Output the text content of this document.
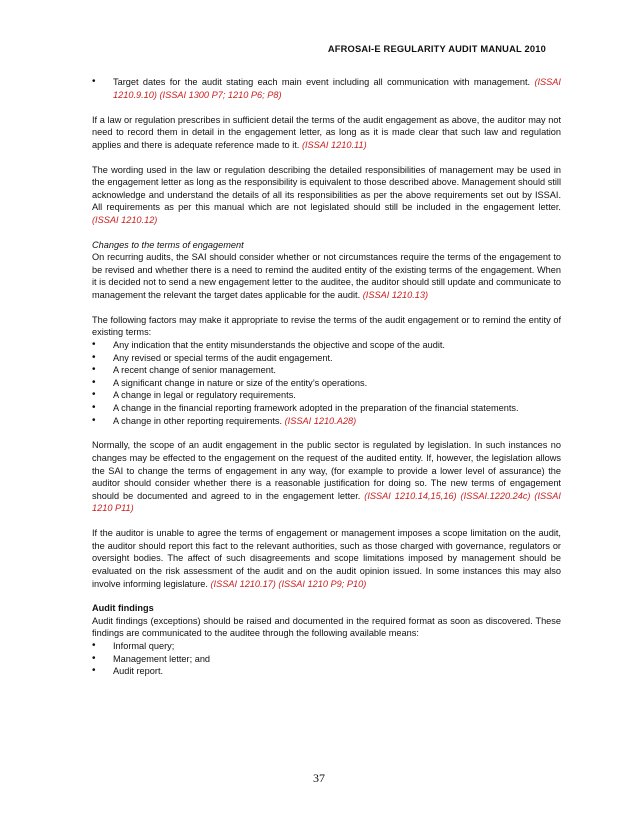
AFROSAI-E REGULARITY AUDIT MANUAL 2010
• Target dates for the audit stating each main event including all communication with management. (ISSAI 1210.9.10) (ISSAI 1300 P7; 1210 P6; P8)

If a law or regulation prescribes in sufficient detail the terms of the audit engagement as above, the auditor may not need to record them in detail in the engagement letter, as long as it is made clear that such law and regulation applies and there is adequate reference made to it. (ISSAI 1210.11)

The wording used in the law or regulation describing the detailed responsibilities of management may be used in the engagement letter as long as the responsibility is equivalent to those described above. Management should still acknowledge and understand the details of all its responsibilities as per the above requirements set out by ISSAI. All requirements as per this manual which are not legislated should still be included in the engagement letter. (ISSAI 1210.12)

Changes to the terms of engagement
On recurring audits, the SAI should consider whether or not circumstances require the terms of the engagement to be revised and whether there is a need to remind the audited entity of the existing terms of the engagement. When it is decided not to send a new engagement letter to the auditee, the auditor should still update and communicate to management the relevant the target dates applicable for the audit. (ISSAI 1210.13)

The following factors may make it appropriate to revise the terms of the audit engagement or to remind the entity of existing terms:

• Any indication that the entity misunderstands the objective and scope of the audit.
• Any revised or special terms of the audit engagement.
• A recent change of senior management.
• A significant change in nature or size of the entity’s operations.
• A change in legal or regulatory requirements.
• A change in the financial reporting framework adopted in the preparation of the financial statements.
• A change in other reporting requirements. (ISSAI 1210.A28)

Normally, the scope of an audit engagement in the public sector is regulated by legislation. In such instances no changes may be effected to the engagement on the request of the audited entity. If, however, the legislation allows the SAI to change the terms of engagement in any way, (for example to provide a lower level of assurance) the auditor should consider whether there is a reasonable justification for doing so. The new terms of engagement should be documented and agreed to in the engagement letter. (ISSAI 1210.14,15,16) (ISSAI.1220.24c) (ISSAI 1210 P11)

If the auditor is unable to agree the terms of engagement or management imposes a scope limitation on the audit, the auditor should report this fact to the relevant authorities, such as those charged with governance, regulators or oversight bodies. The affect of such disagreements and scope limitations imposed by management should be evaluated on the risk assessment of the audit and on the audit opinion issued. In some instances this may also involve informing legislature. (ISSAI 1210.17) (ISSAI 1210 P9; P10)

Audit findings
Audit findings (exceptions) should be raised and documented in the required format as soon as discovered. These findings are communicated to the auditee through the following available means:

• Informal query;
• Management letter; and
• Audit report.
37
